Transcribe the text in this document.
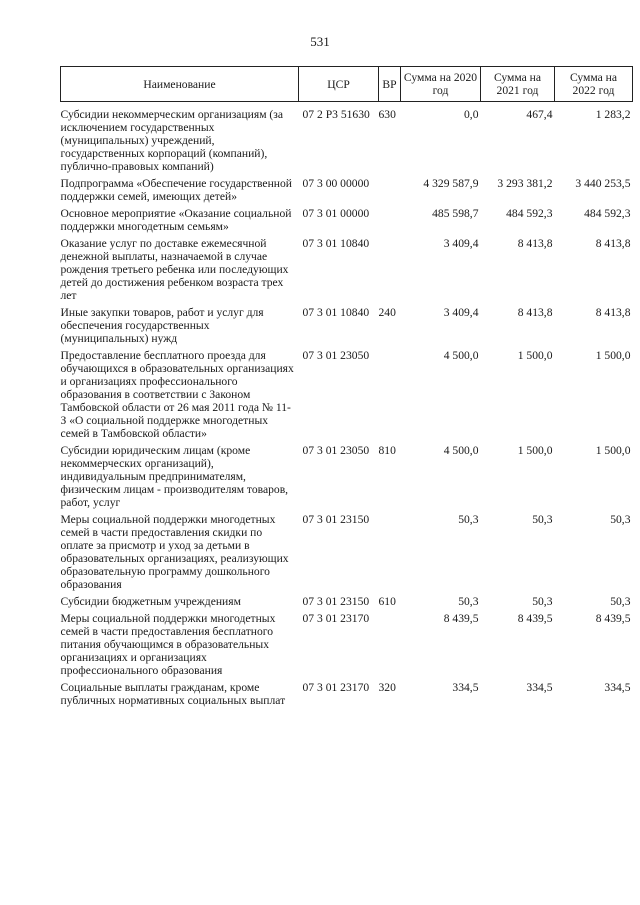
531
Наименование	ЦСР	ВР	Сумма на 2020 год	Сумма на 2021 год	Сумма на 2022 год

Субсидии некоммерческим организациям (за исключением государственных (муниципальных) учреждений, государственных корпораций (компаний), публично-правовых компаний)	07 2 P3 51630	630	0,0	467,4	1 283,2
Подпрограмма «Обеспечение государственной поддержки семей, имеющих детей»	07 3 00 00000		4 329 587,9	3 293 381,2	3 440 253,5
Основное мероприятие «Оказание социальной поддержки многодетным семьям»	07 3 01 00000		485 598,7	484 592,3	484 592,3
Оказание услуг по доставке ежемесячной денежной выплаты, назначаемой в случае рождения третьего ребенка или последующих детей до достижения ребенком возраста трех лет	07 3 01 10840		3 409,4	8 413,8	8 413,8
Иные закупки товаров, работ и услуг для обеспечения государственных (муниципальных) нужд	07 3 01 10840	240	3 409,4	8 413,8	8 413,8
Предоставление бесплатного проезда для обучающихся в образовательных организациях и организациях профессионального образования в соответствии с Законом Тамбовской области от 26 мая 2011 года № 11-З «О социальной поддержке многодетных семей в Тамбовской области»	07 3 01 23050		4 500,0	1 500,0	1 500,0
Субсидии юридическим лицам (кроме некоммерческих организаций), индивидуальным предпринимателям, физическим лицам - производителям товаров, работ, услуг	07 3 01 23050	810	4 500,0	1 500,0	1 500,0
Меры социальной поддержки многодетных семей в части предоставления скидки по оплате за присмотр и уход за детьми в образовательных организациях, реализующих образовательную программу дошкольного образования	07 3 01 23150		50,3	50,3	50,3
Субсидии бюджетным учреждениям	07 3 01 23150	610	50,3	50,3	50,3
Меры социальной поддержки многодетных семей в части предоставления бесплатного питания обучающимся в образовательных организациях и организациях профессионального образования	07 3 01 23170		8 439,5	8 439,5	8 439,5
Социальные выплаты гражданам, кроме публичных нормативных социальных выплат	07 3 01 23170	320	334,5	334,5	334,5
